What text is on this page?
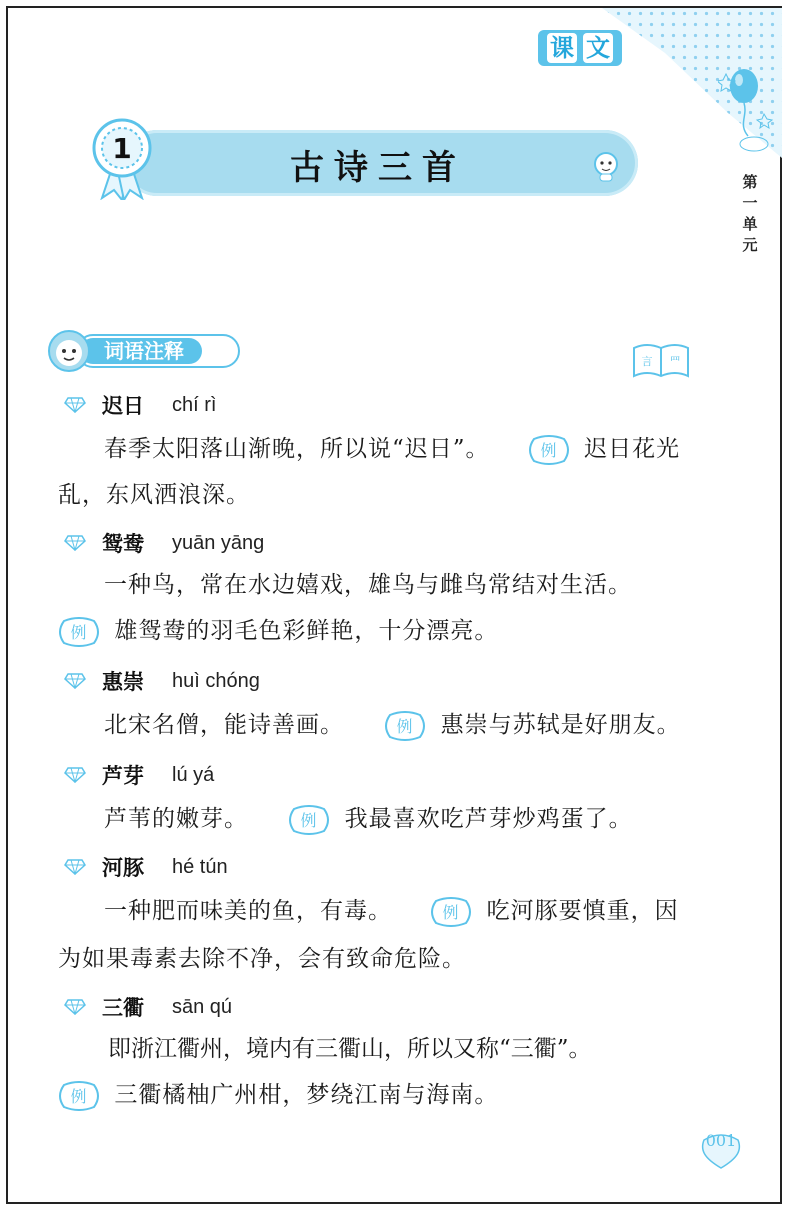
课 文
第
一
单
元
1	古诗三首
词语注释	言 罒
迟日 chí rì
春季太阳落山渐晚，所以说“迟日”。	例 迟日花光
乱，东风洒浪深。
鸳鸯 yuān yāng
一种鸟，常在水边嬉戏，雄鸟与雌鸟常结对生活。
例 雄鸳鸯的羽毛色彩鲜艳，十分漂亮。
惠崇 huì chóng
北宋名僧，能诗善画。	例 惠崇与苏轼是好朋友。
芦芽 lú yá
芦苇的嫩芽。	例 我最喜欢吃芦芽炒鸡蛋了。
河豚 hé tún
一种肥而味美的鱼，有毒。	例 吃河豚要慎重，因
为如果毒素去除不净，会有致命危险。
三衢 sān qú
即浙江衢州，境内有三衢山，所以又称“三衢”。
例 三衢橘柚广州柑，梦绕江南与海南。
001
